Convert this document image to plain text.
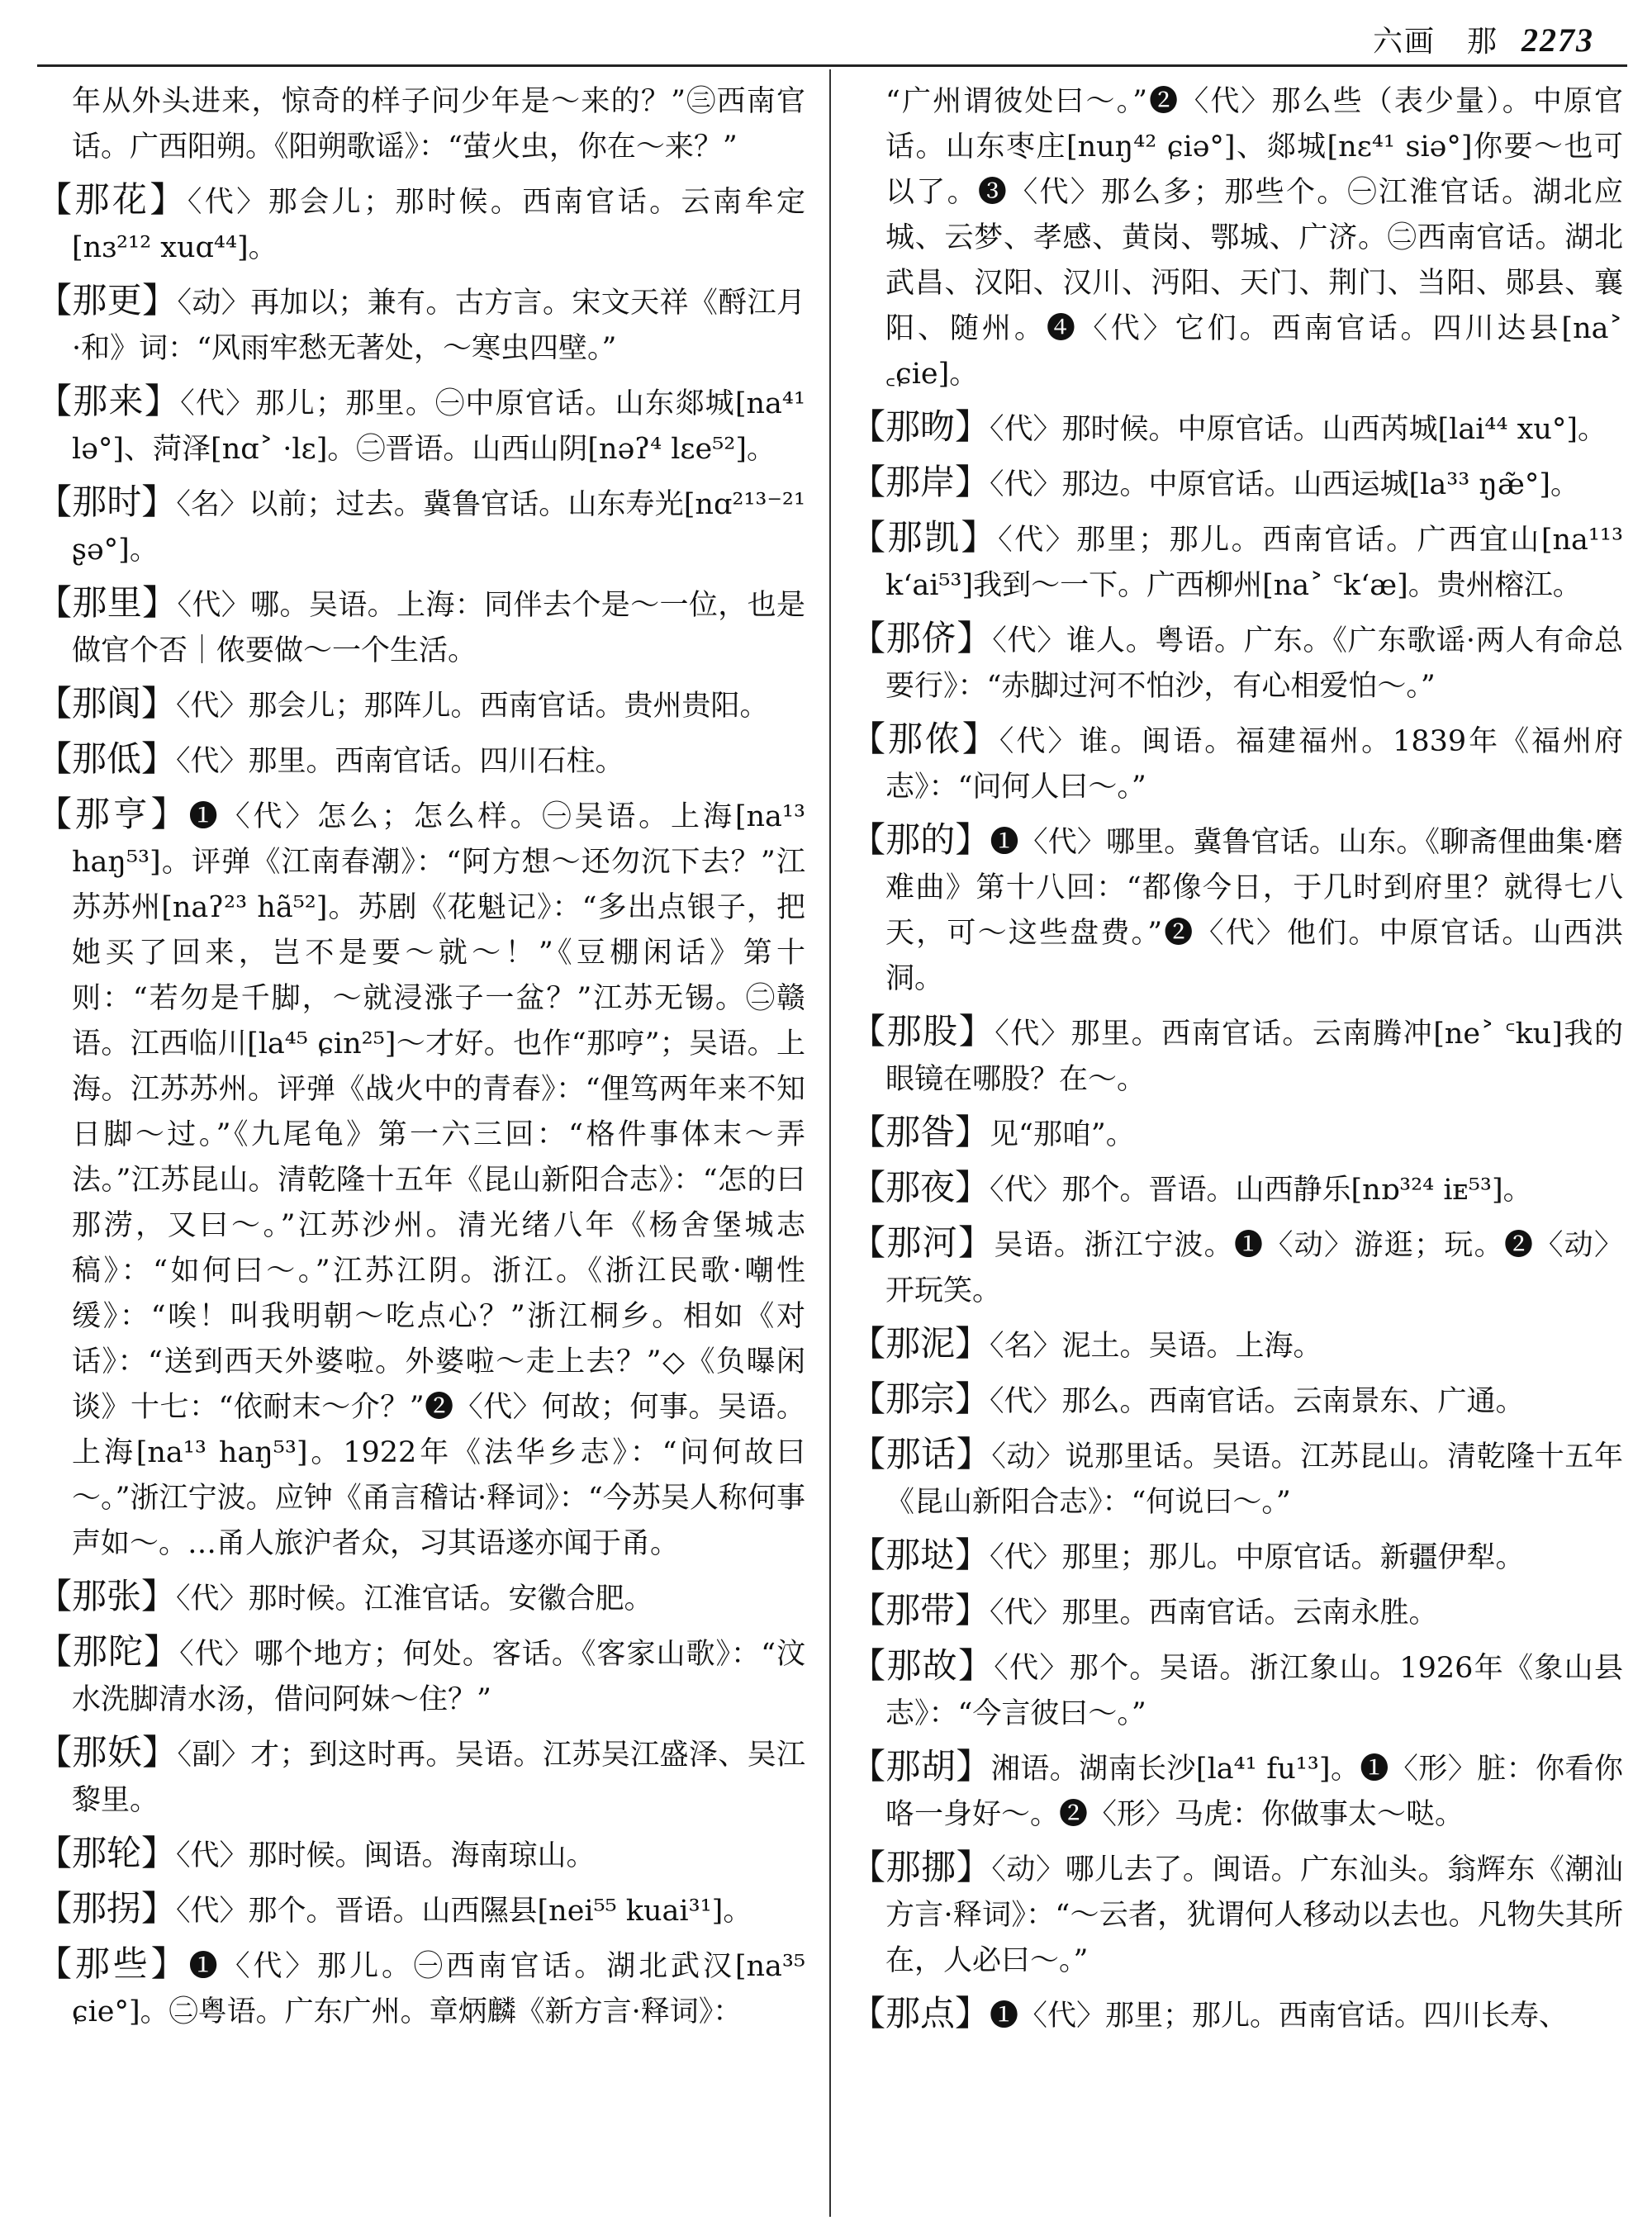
六画　那 2273

年从外头进来，惊奇的样子问少年是～来的？”㊂西南官话。广西阳朔。《阳朔歌谣》：“萤火虫，你在～来？”

【那花】〈代〉那会儿；那时候。西南官话。云南牟定[nɜ²¹² xuɑ⁴⁴]。

【那更】〈动〉再加以；兼有。古方言。宋文天祥《酹江月·和》词：“风雨牢愁无著处，～寒虫四壁。”

【那来】〈代〉那儿；那里。㊀中原官话。山东郯城[na⁴¹ lə°]、菏泽[nɑ˃ ·lɛ]。㊁晋语。山西山阴[nəʔ⁴ lɛe⁵²]。

【那时】〈名〉以前；过去。冀鲁官话。山东寿光[nɑ²¹³⁻²¹ ʂə°]。

【那里】〈代〉哪。吴语。上海：同伴去个是～一位，也是做官个否｜侬要做～一个生活。

【那阆】〈代〉那会儿；那阵儿。西南官话。贵州贵阳。

【那低】〈代〉那里。西南官话。四川石柱。

【那亨】❶〈代〉怎么；怎么样。㊀吴语。上海[na¹³ haŋ⁵³]。评弹《江南春潮》：“阿方想～还勿沉下去？”江苏苏州[naʔ²³ hã⁵²]。苏剧《花魁记》：“多出点银子，把她买了回来，岂不是要～就～！”《豆棚闲话》第十则：“若勿是千脚，～就浸涨子一盆？”江苏无锡。㊁赣语。江西临川[la⁴⁵ ɕin²⁵]～才好。也作“那哼”；吴语。上海。江苏苏州。评弹《战火中的青春》：“俚笃两年来不知日脚～过。”《九尾龟》第一六三回：“格件事体末～弄法。”江苏昆山。清乾隆十五年《昆山新阳合志》：“怎的曰那涝，又曰～。”江苏沙州。清光绪八年《杨舍堡城志稿》：“如何曰～。”江苏江阴。浙江。《浙江民歌·嘲性缓》：“唉！叫我明朝～吃点心？”浙江桐乡。相如《对话》：“送到西天外婆啦。外婆啦～走上去？”◇《负曝闲谈》十七：“依耐末～介？”❷〈代〉何故；何事。吴语。上海[na¹³ haŋ⁵³]。1922年《法华乡志》：“问何故曰～。”浙江宁波。应钟《甬言稽诂·释词》：“今苏吴人称何事声如～。…甬人旅沪者众，习其语遂亦闻于甬。

【那张】〈代〉那时候。江淮官话。安徽合肥。

【那陀】〈代〉哪个地方；何处。客话。《客家山歌》：“汶水洗脚清水汤，借问阿妹～住？”

【那妖】〈副〉才；到这时再。吴语。江苏吴江盛泽、吴江黎里。

【那轮】〈代〉那时候。闽语。海南琼山。

【那拐】〈代〉那个。晋语。山西隰县[nei⁵⁵ kuai³¹]。

【那些】❶〈代〉那儿。㊀西南官话。湖北武汉[na³⁵ ɕie°]。㊁粤语。广东广州。章炳麟《新方言·释词》：

“广州谓彼处曰～。”❷〈代〉那么些（表少量）。中原官话。山东枣庄[nuŋ⁴² ɕiə°]、郯城[nɛ⁴¹ siə°]你要～也可以了。❸〈代〉那么多；那些个。㊀江淮官话。湖北应城、云梦、孝感、黄岗、鄂城、广济。㊁西南官话。湖北武昌、汉阳、汉川、沔阳、天门、荆门、当阳、郧县、襄阳、随州。❹〈代〉它们。西南官话。四川达县[na˃ ꜀ɕie]。

【那昒】〈代〉那时候。中原官话。山西芮城[lai⁴⁴ xu°]。

【那岸】〈代〉那边。中原官话。山西运城[la³³ ŋæ̃°]。

【那凯】〈代〉那里；那儿。西南官话。广西宜山[na¹¹³ k‘ai⁵³]我到～一下。广西柳州[na˃ ꜂k‘æ]。贵州榕江。

【那侪】〈代〉谁人。粤语。广东。《广东歌谣·两人有命总要行》：“赤脚过河不怕沙，有心相爱怕～。”

【那侬】〈代〉谁。闽语。福建福州。1839年《福州府志》：“问何人曰～。”

【那的】❶〈代〉哪里。冀鲁官话。山东。《聊斋俚曲集·磨难曲》第十八回：“都像今日，于几时到府里？就得七八天，可～这些盘费。”❷〈代〉他们。中原官话。山西洪洞。

【那股】〈代〉那里。西南官话。云南腾冲[ne˃ ꜂ku]我的眼镜在哪股？在～。

【那昝】见“那咱”。

【那夜】〈代〉那个。晋语。山西静乐[nɒ³²⁴ iᴇ⁵³]。

【那河】吴语。浙江宁波。❶〈动〉游逛；玩。❷〈动〉开玩笑。

【那泥】〈名〉泥土。吴语。上海。

【那宗】〈代〉那么。西南官话。云南景东、广通。

【那话】〈动〉说那里话。吴语。江苏昆山。清乾隆十五年《昆山新阳合志》：“何说曰～。”

【那垯】〈代〉那里；那儿。中原官话。新疆伊犁。

【那带】〈代〉那里。西南官话。云南永胜。

【那故】〈代〉那个。吴语。浙江象山。1926年《象山县志》：“今言彼曰～。”

【那胡】湘语。湖南长沙[la⁴¹ fu¹³]。❶〈形〉脏：你看你咯一身好～。❷〈形〉马虎：你做事太～哒。

【那挪】〈动〉哪儿去了。闽语。广东汕头。翁辉东《潮汕方言·释词》：“～云者，犹谓何人移动以去也。凡物失其所在，人必曰～。”

【那点】❶〈代〉那里；那儿。西南官话。四川长寿、
